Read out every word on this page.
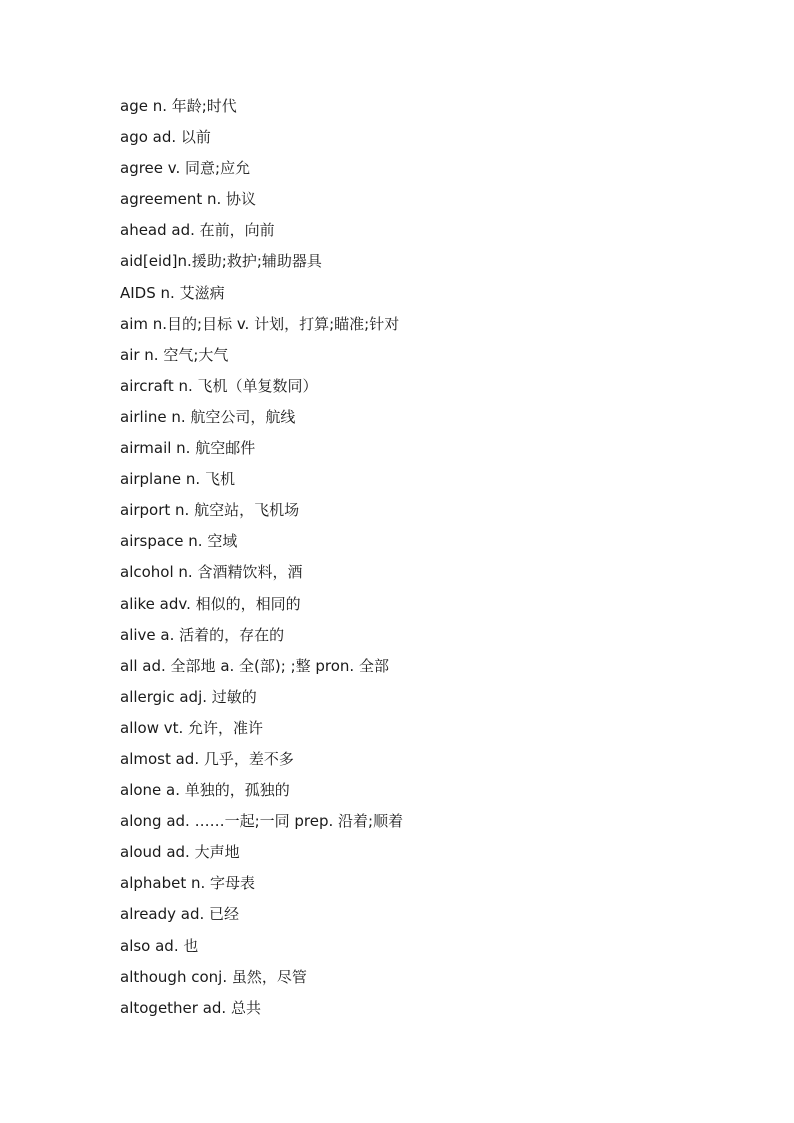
age n. 年龄;时代
ago ad. 以前
agree v. 同意;应允
agreement n. 协议
ahead ad. 在前，向前
aid[eid]n.援助;救护;辅助器具
AIDS n. 艾滋病
aim n.目的;目标 v. 计划，打算;瞄准;针对
air n. 空气;大气
aircraft n. 飞机（单复数同）
airline n. 航空公司，航线
airmail n. 航空邮件
airplane n. 飞机
airport n. 航空站，飞机场
airspace n. 空域
alcohol n. 含酒精饮料，酒
alike adv. 相似的，相同的
alive a. 活着的，存在的
all ad. 全部地 a. 全(部); ;整 pron. 全部
allergic adj. 过敏的
allow vt. 允许，准许
almost ad. 几乎，差不多
alone a. 单独的，孤独的
along ad. ……一起;一同 prep. 沿着;顺着
aloud ad. 大声地
alphabet n. 字母表
already ad. 已经
also ad. 也
although conj. 虽然，尽管
altogether ad. 总共
